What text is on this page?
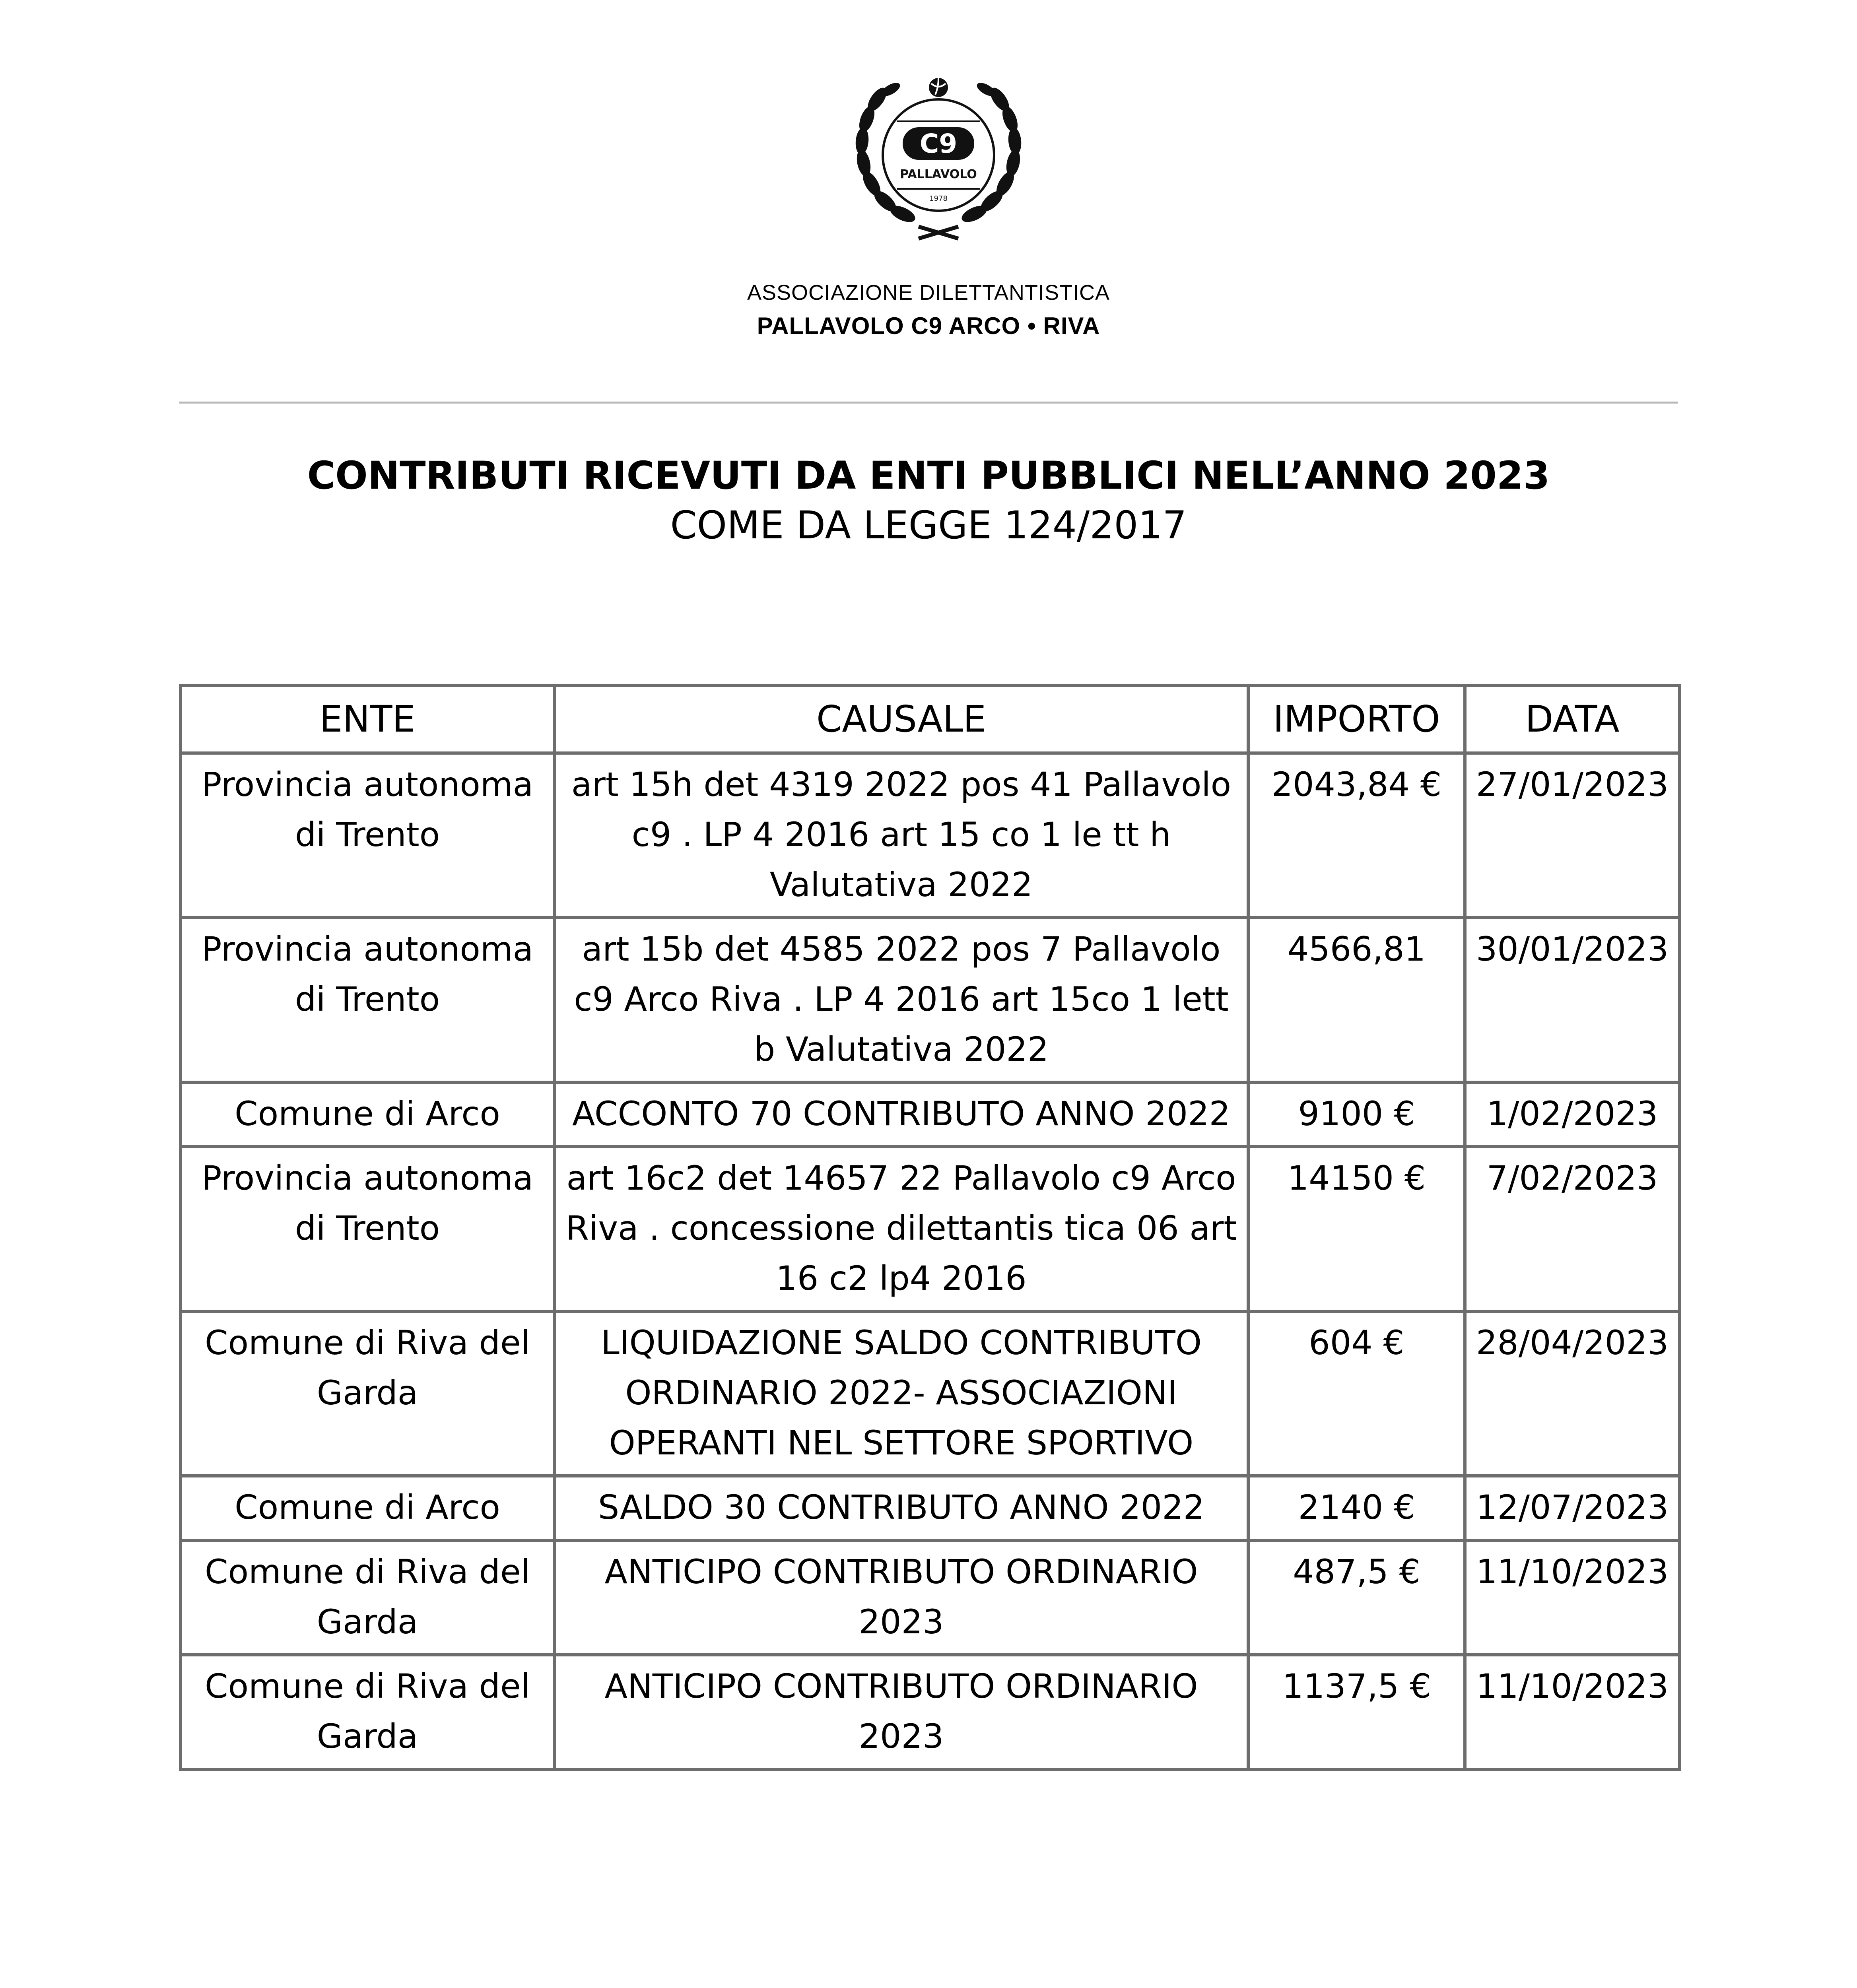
C9
PALLAVOLO
1978
ASSOCIAZIONE DILETTANTISTICA
PALLAVOLO C9 ARCO • RIVA
CONTRIBUTI RICEVUTI DA ENTI PUBBLICI NELL’ANNO 2023
COME DA LEGGE 124/2017
ENTE	CAUSALE	IMPORTO	DATA
Provincia autonoma di Trento	art 15h det 4319 2022 pos 41 Pallavolo c9 . LP 4 2016 art 15 co 1 le tt h Valutativa 2022	2043,84 €	27/01/2023
Provincia autonoma di Trento	art 15b det 4585 2022 pos 7 Pallavolo c9 Arco Riva . LP 4 2016 art 15co 1 lett b Valutativa 2022	4566,81	30/01/2023
Comune di Arco	ACCONTO 70 CONTRIBUTO ANNO 2022	9100 €	1/02/2023
Provincia autonoma di Trento	art 16c2 det 14657 22 Pallavolo c9 Arco Riva . concessione dilettantis tica 06 art 16 c2 lp4 2016	14150 €	7/02/2023
Comune di Riva del Garda	LIQUIDAZIONE SALDO CONTRIBUTO ORDINARIO 2022- ASSOCIAZIONI OPERANTI NEL SETTORE SPORTIVO	604 €	28/04/2023
Comune di Arco	SALDO 30 CONTRIBUTO ANNO 2022	2140 €	12/07/2023
Comune di Riva del Garda	ANTICIPO CONTRIBUTO ORDINARIO 2023	487,5 €	11/10/2023
Comune di Riva del Garda	ANTICIPO CONTRIBUTO ORDINARIO 2023	1137,5 €	11/10/2023
